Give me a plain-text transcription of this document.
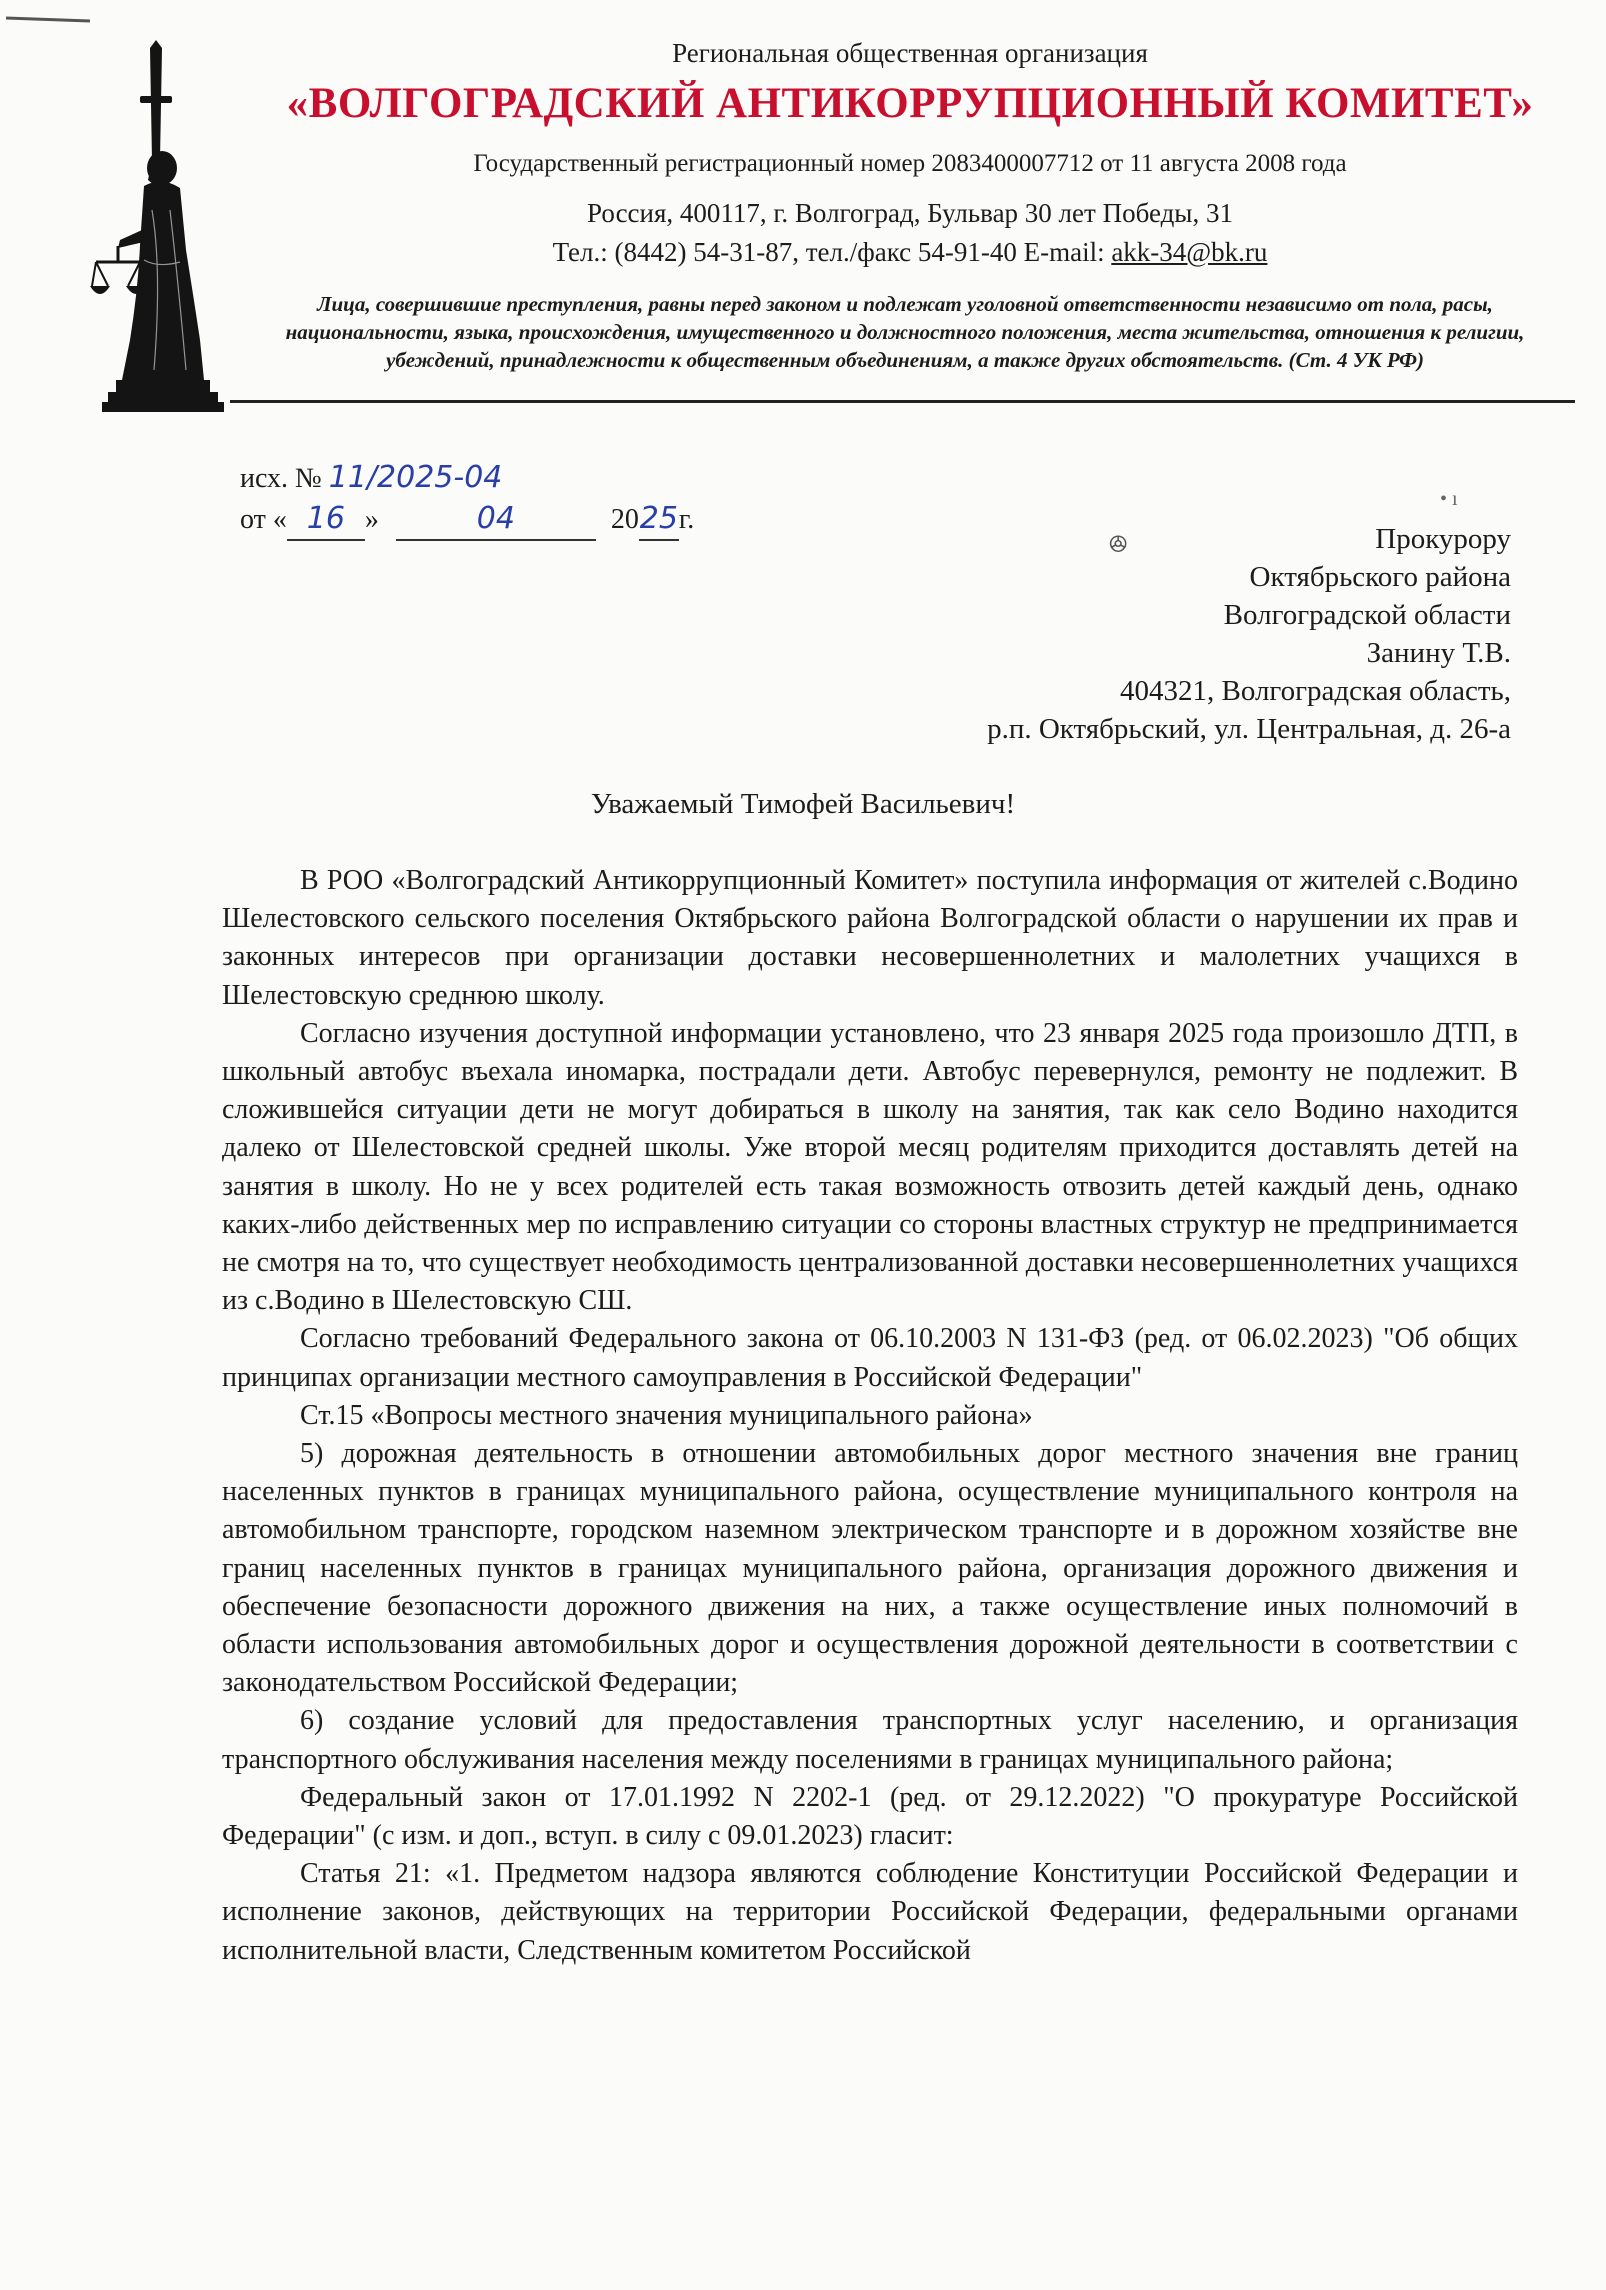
Региональная общественная организация
«ВОЛГОГРАДСКИЙ АНТИКОРРУПЦИОННЫЙ КОМИТЕТ»
Государственный регистрационный номер 2083400007712 от 11 августа 2008 года
Россия, 400117, г. Волгоград, Бульвар 30 лет Победы, 31
Тел.: (8442) 54-31-87, тел./факс 54-91-40 E-mail: akk-34@bk.ru
Лица, совершившие преступления, равны перед законом и подлежат уголовной ответственности независимо от пола, расы, национальности, языка, происхождения, имущественного и должностного положения, места жительства, отношения к религии, убеждений, принадлежности к общественным объединениям, а также других обстоятельств. (Ст. 4 УК РФ)
исх. № 11/2025-04
от « 16 »	04	2025г.
ꔮ
• ı
Прокурору
Октябрьского района
Волгоградской области
Занину Т.В.
404321, Волгоградская область,
р.п. Октябрьский, ул. Центральная, д. 26-а
Уважаемый Тимофей Васильевич!

В РОО «Волгоградский Антикоррупционный Комитет» поступила информация от жителей с.Водино Шелестовского сельского поселения Октябрьского района Волгоградской области о нарушении их прав и законных интересов при организации доставки несовершеннолетних и малолетних учащихся в Шелестовскую среднюю школу.

Согласно изучения доступной информации установлено, что 23 января 2025 года произошло ДТП, в школьный автобус въехала иномарка, пострадали дети. Автобус перевернулся, ремонту не подлежит. В сложившейся ситуации дети не могут добираться в школу на занятия, так как село Водино находится далеко от Шелестовской средней школы. Уже второй месяц родителям приходится доставлять детей на занятия в школу. Но не у всех родителей есть такая возможность отвозить детей каждый день, однако каких-либо действенных мер по исправлению ситуации со стороны властных структур не предпринимается не смотря на то, что существует необходимость централизованной доставки несовершеннолетних учащихся из с.Водино в Шелестовскую СШ.

Согласно требований Федерального закона от 06.10.2003 N 131-ФЗ (ред. от 06.02.2023) "Об общих принципах организации местного самоуправления в Российской Федерации"

Ст.15 «Вопросы местного значения муниципального района»

5) дорожная деятельность в отношении автомобильных дорог местного значения вне границ населенных пунктов в границах муниципального района, осуществление муниципального контроля на автомобильном транспорте, городском наземном электрическом транспорте и в дорожном хозяйстве вне границ населенных пунктов в границах муниципального района, организация дорожного движения и обеспечение безопасности дорожного движения на них, а также осуществление иных полномочий в области использования автомобильных дорог и осуществления дорожной деятельности в соответствии с законодательством Российской Федерации;

6) создание условий для предоставления транспортных услуг населению, и организация транспортного обслуживания населения между поселениями в границах муниципального района;

Федеральный закон от 17.01.1992 N 2202-1 (ред. от 29.12.2022) "О прокуратуре Российской Федерации" (с изм. и доп., вступ. в силу с 09.01.2023) гласит:

Статья 21: «1. Предметом надзора являются соблюдение Конституции Российской Федерации и исполнение законов, действующих на территории Российской Федерации, федеральными органами исполнительной власти, Следственным комитетом Российской
